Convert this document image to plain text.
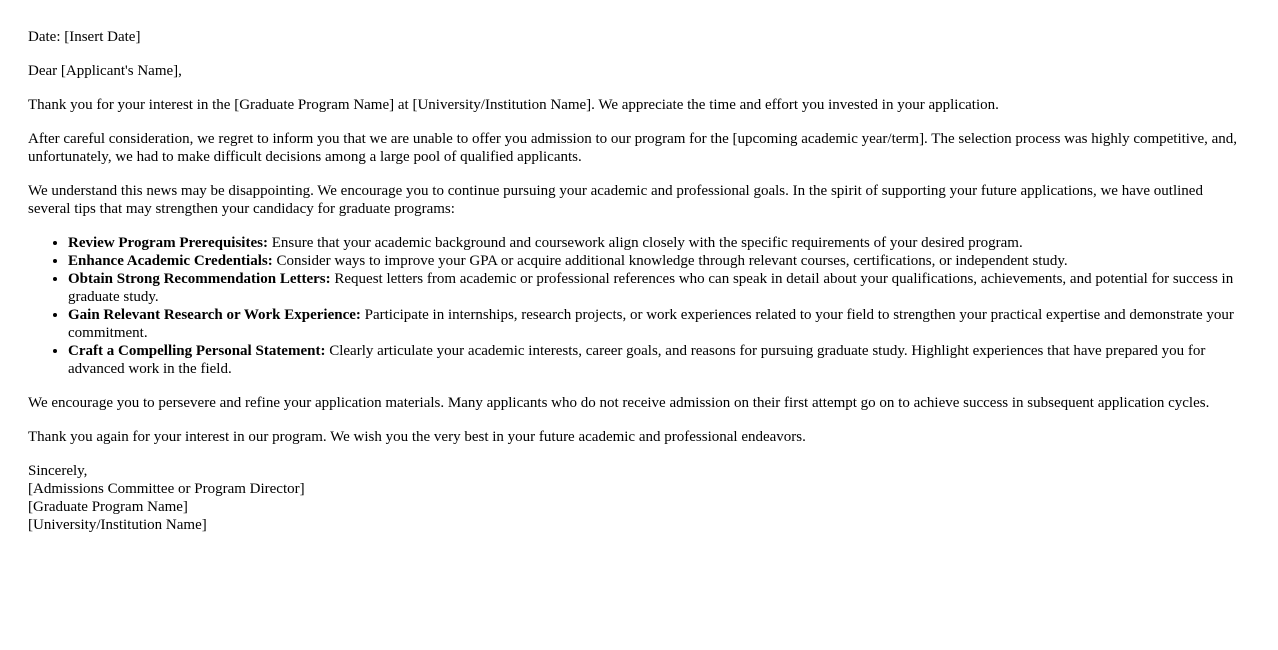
Date: [Insert Date]

Dear [Applicant's Name],

Thank you for your interest in the [Graduate Program Name] at [University/Institution Name]. We appreciate the time and effort you invested in your application.

After careful consideration, we regret to inform you that we are unable to offer you admission to our program for the [upcoming academic year/term]. The selection process was highly competitive, and, unfortunately, we had to make difficult decisions among a large pool of qualified applicants.

We understand this news may be disappointing. We encourage you to continue pursuing your academic and professional goals. In the spirit of supporting your future applications, we have outlined several tips that may strengthen your candidacy for graduate programs:

• Review Program Prerequisites: Ensure that your academic background and coursework align closely with the specific requirements of your desired program.
• Enhance Academic Credentials: Consider ways to improve your GPA or acquire additional knowledge through relevant courses, certifications, or independent study.
• Obtain Strong Recommendation Letters: Request letters from academic or professional references who can speak in detail about your qualifications, achievements, and potential for success in graduate study.
• Gain Relevant Research or Work Experience: Participate in internships, research projects, or work experiences related to your field to strengthen your practical expertise and demonstrate your commitment.
• Craft a Compelling Personal Statement: Clearly articulate your academic interests, career goals, and reasons for pursuing graduate study. Highlight experiences that have prepared you for advanced work in the field.

We encourage you to persevere and refine your application materials. Many applicants who do not receive admission on their first attempt go on to achieve success in subsequent application cycles.

Thank you again for your interest in our program. We wish you the very best in your future academic and professional endeavors.

Sincerely,
[Admissions Committee or Program Director]
[Graduate Program Name]
[University/Institution Name]
